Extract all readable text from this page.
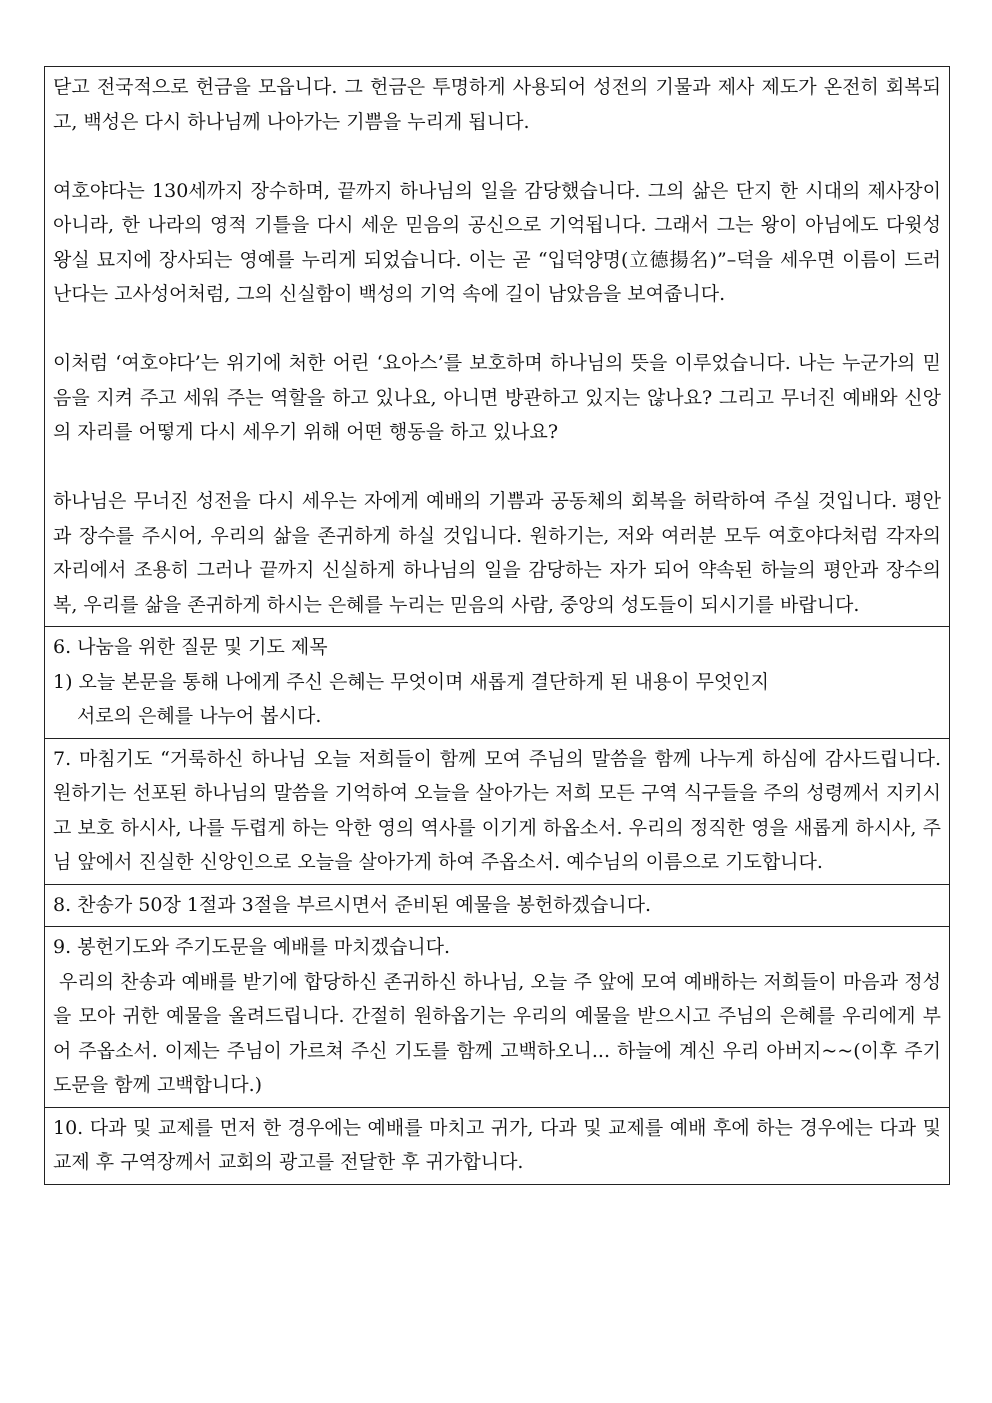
닫고 전국적으로 헌금을 모읍니다. 그 헌금은 투명하게 사용되어 성전의 기물과 제사 제도가 온전히 회복되고, 백성은 다시 하나님께 나아가는 기쁨을 누리게 됩니다.

여호야다는 130세까지 장수하며, 끝까지 하나님의 일을 감당했습니다. 그의 삶은 단지 한 시대의 제사장이 아니라, 한 나라의 영적 기틀을 다시 세운 믿음의 공신으로 기억됩니다. 그래서 그는 왕이 아님에도 다윗성 왕실 묘지에 장사되는 영예를 누리게 되었습니다. 이는 곧 “입덕양명(立德揚名)”–덕을 세우면 이름이 드러난다는 고사성어처럼, 그의 신실함이 백성의 기억 속에 길이 남았음을 보여줍니다.

이처럼 ‘여호야다’는 위기에 처한 어린 ‘요아스’를 보호하며 하나님의 뜻을 이루었습니다. 나는 누군가의 믿음을 지켜 주고 세워 주는 역할을 하고 있나요, 아니면 방관하고 있지는 않나요? 그리고 무너진 예배와 신앙의 자리를 어떻게 다시 세우기 위해 어떤 행동을 하고 있나요?

하나님은 무너진 성전을 다시 세우는 자에게 예배의 기쁨과 공동체의 회복을 허락하여 주실 것입니다. 평안과 장수를 주시어, 우리의 삶을 존귀하게 하실 것입니다. 원하기는, 저와 여러분 모두 여호야다처럼 각자의 자리에서 조용히 그러나 끝까지 신실하게 하나님의 일을 감당하는 자가 되어 약속된 하늘의 평안과 장수의 복, 우리를 삶을 존귀하게 하시는 은혜를 누리는 믿음의 사람, 중앙의 성도들이 되시기를 바랍니다.

6. 나눔을 위한 질문 및 기도 제목

1) 오늘 본문을 통해 나에게 주신 은혜는 무엇이며 새롭게 결단하게 된 내용이 무엇인지

서로의 은혜를 나누어 봅시다.

7. 마침기도 “거룩하신 하나님 오늘 저희들이 함께 모여 주님의 말씀을 함께 나누게 하심에 감사드립니다. 원하기는 선포된 하나님의 말씀을 기억하여 오늘을 살아가는 저희 모든 구역 식구들을 주의 성령께서 지키시고 보호 하시사, 나를 두렵게 하는 악한 영의 역사를 이기게 하옵소서. 우리의 정직한 영을 새롭게 하시사, 주님 앞에서 진실한 신앙인으로 오늘을 살아가게 하여 주옵소서. 예수님의 이름으로 기도합니다.

8. 찬송가 50장 1절과 3절을 부르시면서 준비된 예물을 봉헌하겠습니다.

9. 봉헌기도와 주기도문을 예배를 마치겠습니다.

우리의 찬송과 예배를 받기에 합당하신 존귀하신 하나님, 오늘 주 앞에 모여 예배하는 저희들이 마음과 정성을 모아 귀한 예물을 올려드립니다. 간절히 원하옵기는 우리의 예물을 받으시고 주님의 은혜를 우리에게 부어 주옵소서. 이제는 주님이 가르쳐 주신 기도를 함께 고백하오니... 하늘에 계신 우리 아버지~~(이후 주기도문을 함께 고백합니다.)

10. 다과 및 교제를 먼저 한 경우에는 예배를 마치고 귀가, 다과 및 교제를 예배 후에 하는 경우에는 다과 및 교제 후 구역장께서 교회의 광고를 전달한 후 귀가합니다.
